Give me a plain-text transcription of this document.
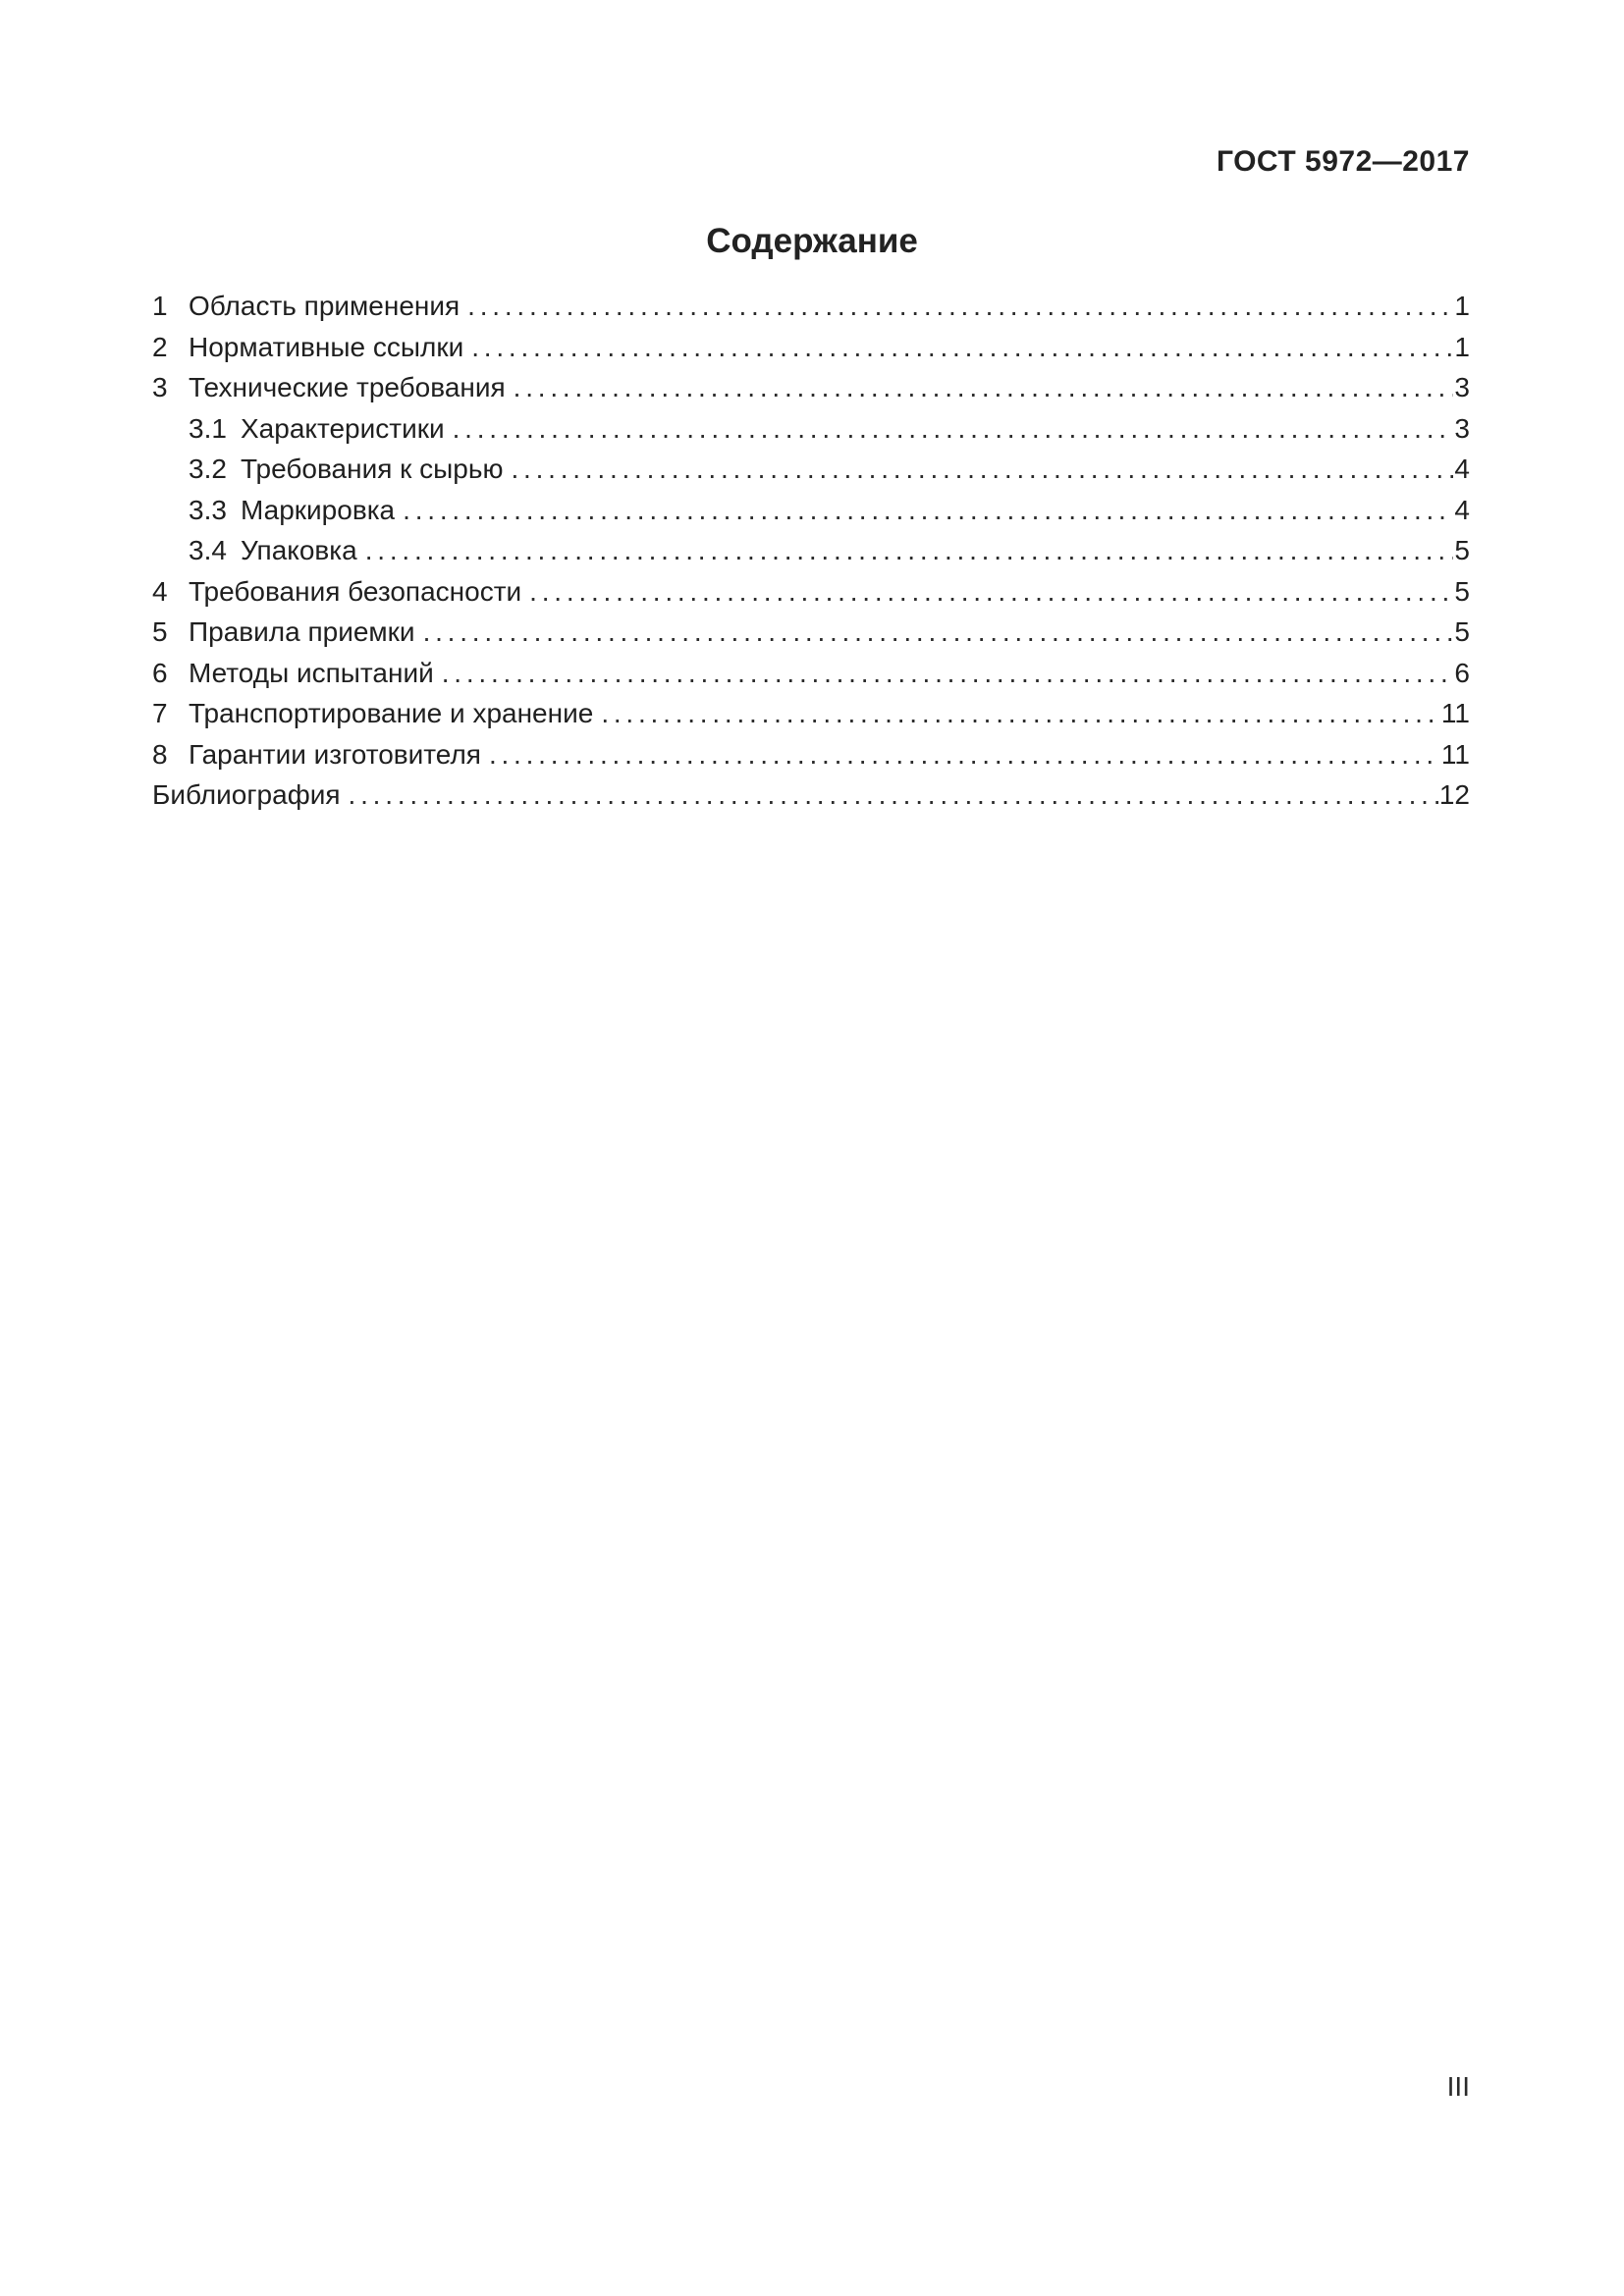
ГОСТ 5972—2017
Содержание
1 Область применения . . .	1
2 Нормативные ссылки . . .	1
3 Технические требования . . .	3
3.1 Характеристики . . .	3
3.2 Требования к сырью . . .	4
3.3 Маркировка . . .	4
3.4 Упаковка . . .	5
4 Требования безопасности . . .	5
5 Правила приемки . . .	5
6 Методы испытаний . . .	6
7 Транспортирование и хранение . . .	11
8 Гарантии изготовителя . . .	11
Библиография . . .	12
III
